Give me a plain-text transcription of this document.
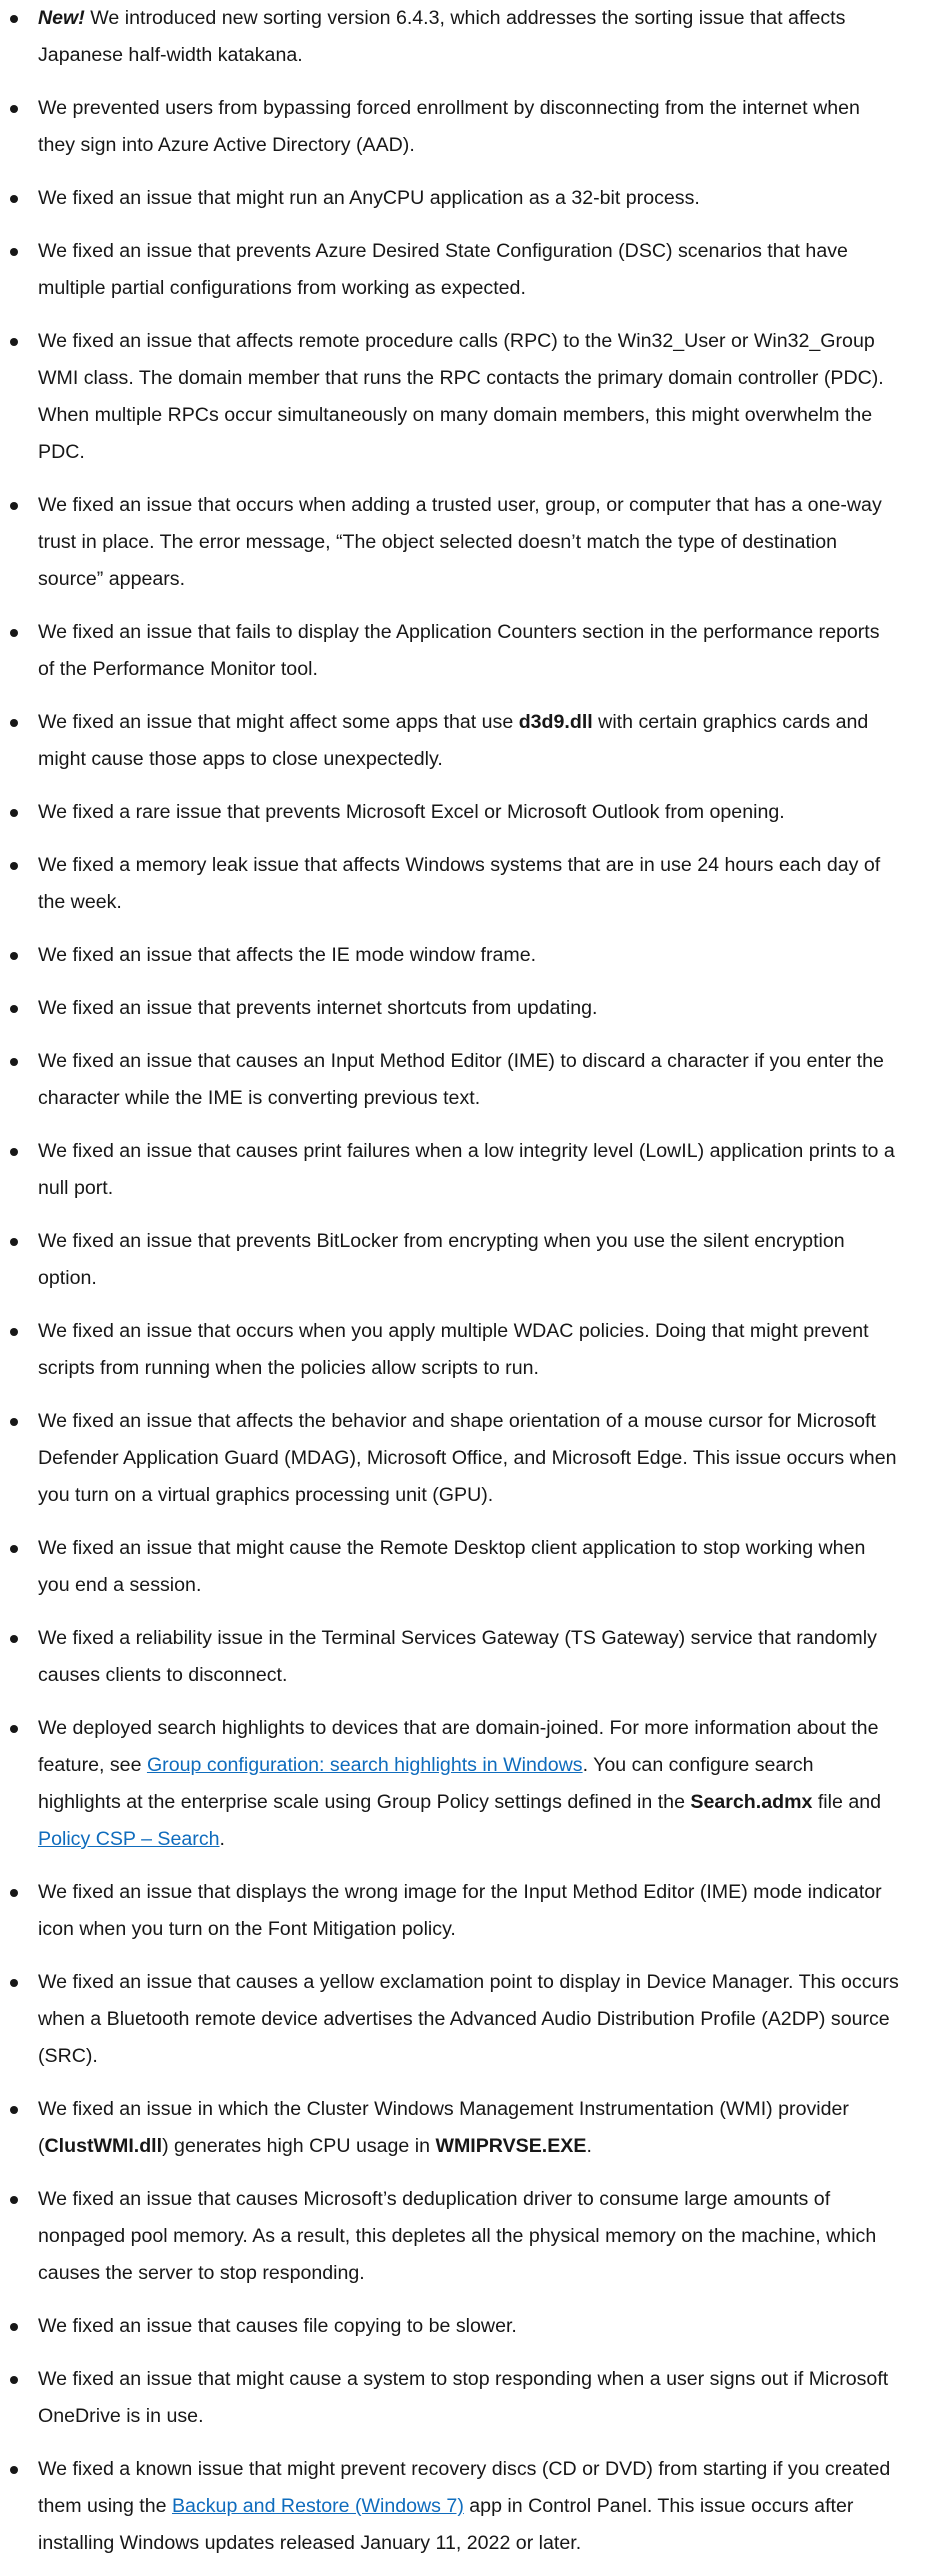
New! We introduced new sorting version 6.4.3, which addresses the sorting issue that affects Japanese half-width katakana.
We prevented users from bypassing forced enrollment by disconnecting from the internet when they sign into Azure Active Directory (AAD).
We fixed an issue that might run an AnyCPU application as a 32-bit process.
We fixed an issue that prevents Azure Desired State Configuration (DSC) scenarios that have multiple partial configurations from working as expected.
We fixed an issue that affects remote procedure calls (RPC) to the Win32_User or Win32_Group WMI class. The domain member that runs the RPC contacts the primary domain controller (PDC). When multiple RPCs occur simultaneously on many domain members, this might overwhelm the PDC.
We fixed an issue that occurs when adding a trusted user, group, or computer that has a one-way trust in place. The error message, “The object selected doesn’t match the type of destination source” appears.
We fixed an issue that fails to display the Application Counters section in the performance reports of the Performance Monitor tool.
We fixed an issue that might affect some apps that use d3d9.dll with certain graphics cards and might cause those apps to close unexpectedly.
We fixed a rare issue that prevents Microsoft Excel or Microsoft Outlook from opening.
We fixed a memory leak issue that affects Windows systems that are in use 24 hours each day of the week.
We fixed an issue that affects the IE mode window frame.
We fixed an issue that prevents internet shortcuts from updating.
We fixed an issue that causes an Input Method Editor (IME) to discard a character if you enter the character while the IME is converting previous text.
We fixed an issue that causes print failures when a low integrity level (LowIL) application prints to a null port.
We fixed an issue that prevents BitLocker from encrypting when you use the silent encryption option.
We fixed an issue that occurs when you apply multiple WDAC policies. Doing that might prevent scripts from running when the policies allow scripts to run.
We fixed an issue that affects the behavior and shape orientation of a mouse cursor for Microsoft Defender Application Guard (MDAG), Microsoft Office, and Microsoft Edge. This issue occurs when you turn on a virtual graphics processing unit (GPU).
We fixed an issue that might cause the Remote Desktop client application to stop working when you end a session.
We fixed a reliability issue in the Terminal Services Gateway (TS Gateway) service that randomly causes clients to disconnect.
We deployed search highlights to devices that are domain-joined. For more information about the feature, see Group configuration: search highlights in Windows. You can configure search highlights at the enterprise scale using Group Policy settings defined in the Search.admx file and Policy CSP – Search.
We fixed an issue that displays the wrong image for the Input Method Editor (IME) mode indicator icon when you turn on the Font Mitigation policy.
We fixed an issue that causes a yellow exclamation point to display in Device Manager. This occurs when a Bluetooth remote device advertises the Advanced Audio Distribution Profile (A2DP) source (SRC).
We fixed an issue in which the Cluster Windows Management Instrumentation (WMI) provider (ClustWMI.dll) generates high CPU usage in WMIPRVSE.EXE.
We fixed an issue that causes Microsoft’s deduplication driver to consume large amounts of nonpaged pool memory. As a result, this depletes all the physical memory on the machine, which causes the server to stop responding.
We fixed an issue that causes file copying to be slower.
We fixed an issue that might cause a system to stop responding when a user signs out if Microsoft OneDrive is in use.
We fixed a known issue that might prevent recovery discs (CD or DVD) from starting if you created them using the Backup and Restore (Windows 7) app in Control Panel. This issue occurs after installing Windows updates released January 11, 2022 or later.
